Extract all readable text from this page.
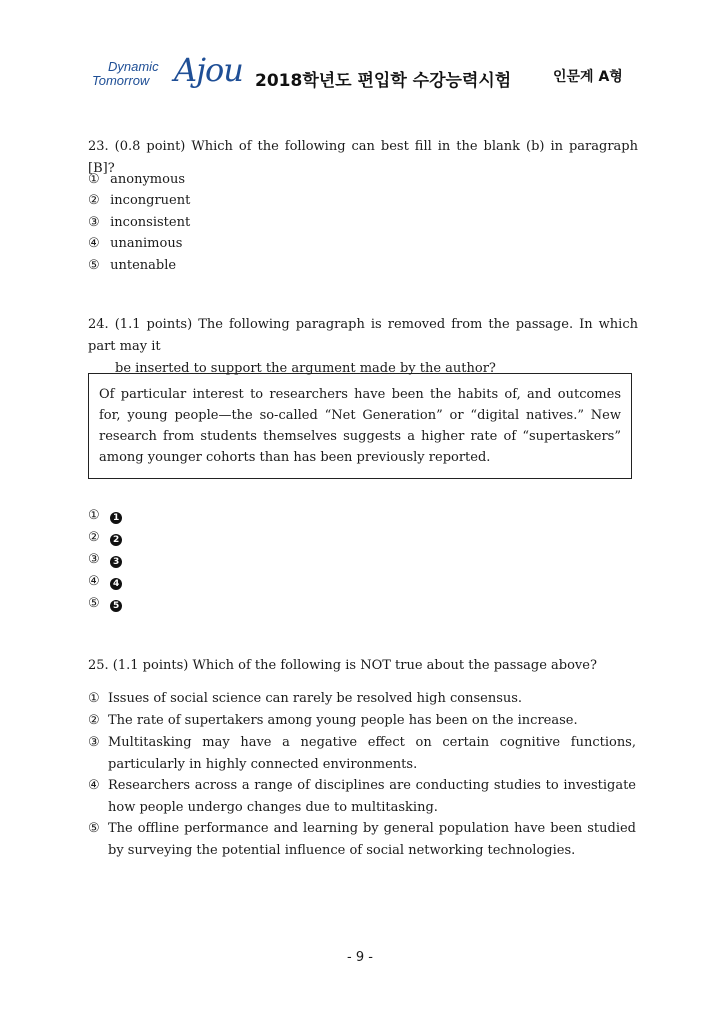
Dynamic
Tomorrow Ajou 2018학년도 편입학 수강능력시험	인문계 A형

23. (0.8 point) Which of the following can best fill in the blank (b) in paragraph [B]?

① anonymous
② incongruent
③ inconsistent
④ unanimous
⑤ untenable

24. (1.1 points) The following paragraph is removed from the passage. In which part may it
be inserted to support the argument made by the author?

Of particular interest to researchers have been the habits of, and outcomes for, young people—the so-called “Net Generation” or “digital natives.” New research from students themselves suggests a higher rate of “supertaskers” among younger cohorts than has been previously reported.
① 1
② 2
③ 3
④ 4
⑤ 5

25. (1.1 points) Which of the following is NOT true about the passage above?

① Issues of social science can rarely be resolved high consensus.
② The rate of supertakers among young people has been on the increase.
③ Multitasking may have a negative effect on certain cognitive functions, particularly in highly connected environments.
④ Researchers across a range of disciplines are conducting studies to investigate how people undergo changes due to multitasking.
⑤ The offline performance and learning by general population have been studied by surveying the potential influence of social networking technologies.
- 9 -
